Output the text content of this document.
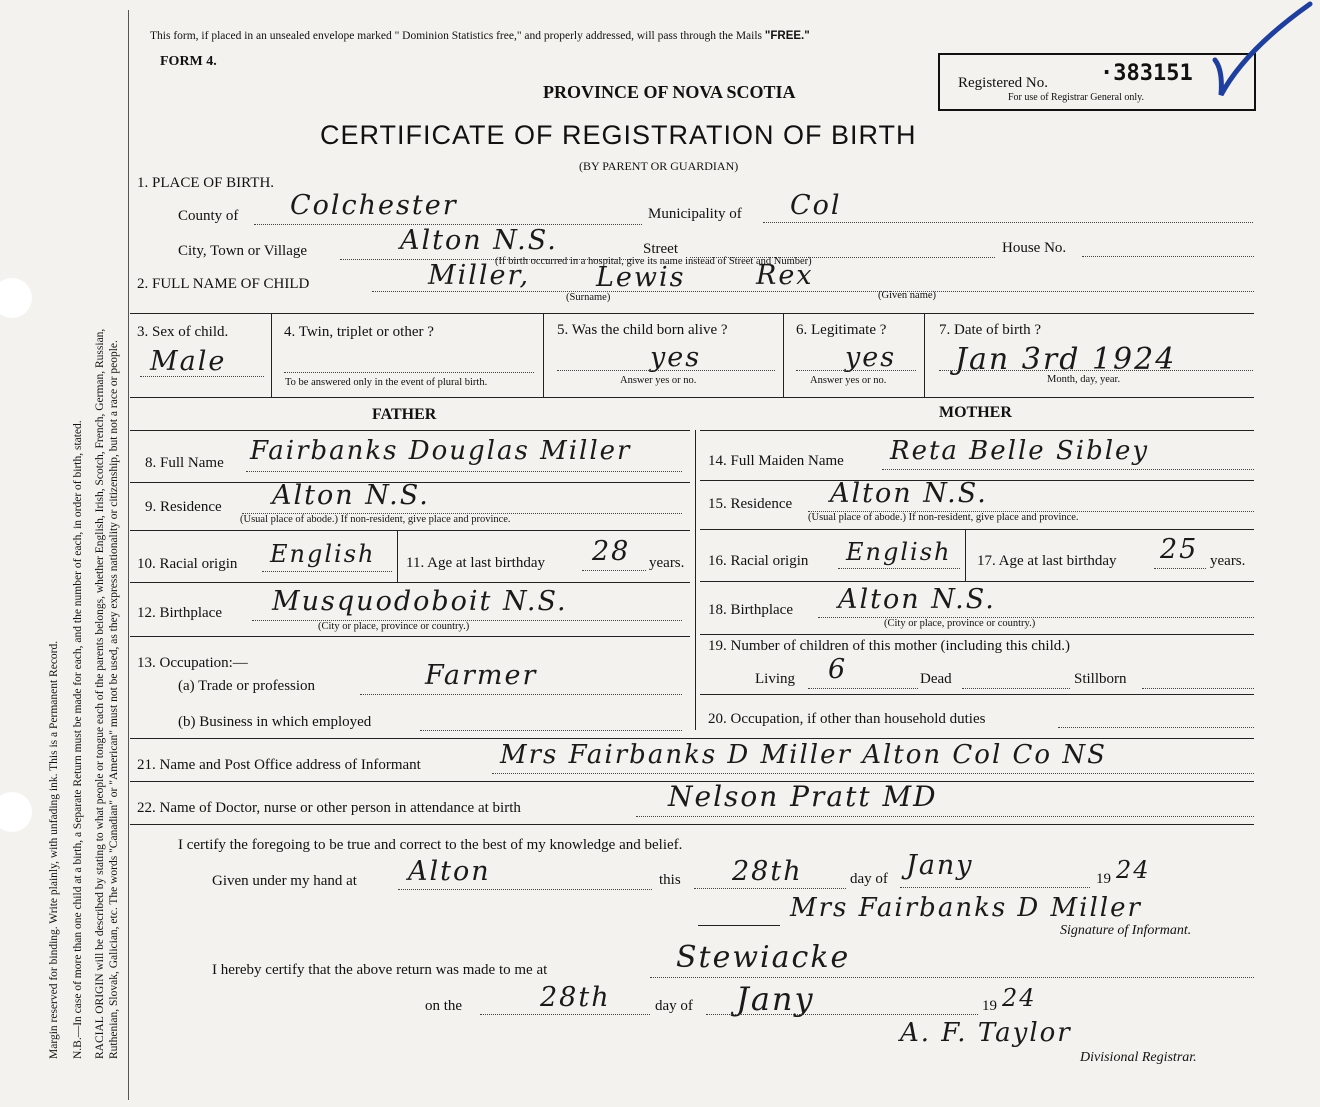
Margin reserved for binding. Write plainly, with unfading ink. This is a Permanent Record. N.B.—In case of more than one child at a birth, a Separate Return must be made for each, and the number of each, in order of birth, stated. RACIAL ORIGIN will be described by stating to what people or tongue each of the parents belongs, whether English, Irish, Scotch, French, German, Russian, Ruthenian, Slovak, Galician, etc. The words "Canadian" or "American" must not be used, as they express nationality or citizenship, but not a race or people.
This form, if placed in an unsealed envelope marked " Dominion Statistics free," and properly addressed, will pass through the Mails "FREE."
FORM 4.
PROVINCE OF NOVA SCOTIA
CERTIFICATE OF REGISTRATION OF BIRTH
(BY PARENT OR GUARDIAN)
Registered No. ·383151
For use of Registrar General only.
1. PLACE OF BIRTH.
County of Colchester	Municipality of Col
City, Town or Village	Alton N.S.	Street
(If birth occurred in a hospital, give its name instead of Street and Number)
House No.
2. FULL NAME OF CHILD	Miller, Lewis	Rex
(Surname)	(Given name)
3. Sex of child.
Male
4. Twin, triplet or other ?
To be answered only in the event of plural birth.
5. Was the child born alive ?
yes
Answer yes or no.
6. Legitimate ?
yes
Answer yes or no.
7. Date of birth ?
Jan 3rd 1924
Month, day, year.
FATHER	MOTHER
8. Full Name Fairbanks Douglas Miller
9. Residence Alton N.S.
(Usual place of abode.) If non-resident, give place and province.
10. Racial origin English 11. Age at last birthday 28 years.
12. Birthplace Musquodoboit N.S.
(City or place, province or country.)
13. Occupation:—
(a) Trade or profession	Farmer
(b) Business in which employed
14. Full Maiden Name Reta Belle Sibley
15. Residence Alton N.S.
(Usual place of abode.) If non-resident, give place and province.
16. Racial origin English 17. Age at last birthday 25 years.
18. Birthplace Alton N.S.
(City or place, province or country.)
19. Number of children of this mother (including this child.)
Living 6	Dead	Stillborn
20. Occupation, if other than household duties
21. Name and Post Office address of Informant	Mrs Fairbanks D Miller Alton Col Co NS
22. Name of Doctor, nurse or other person in attendance at birth	Nelson Pratt MD
I certify the foregoing to be true and correct to the best of my knowledge and belief.
Given under my hand at Alton	this 28th	day of Jany	19 24
Mrs Fairbanks D Miller
Signature of Informant.
I hereby certify that the above return was made to me at	Stewiacke
on the	28th	day of Jany	19 24
A. F. Taylor
Divisional Registrar.
